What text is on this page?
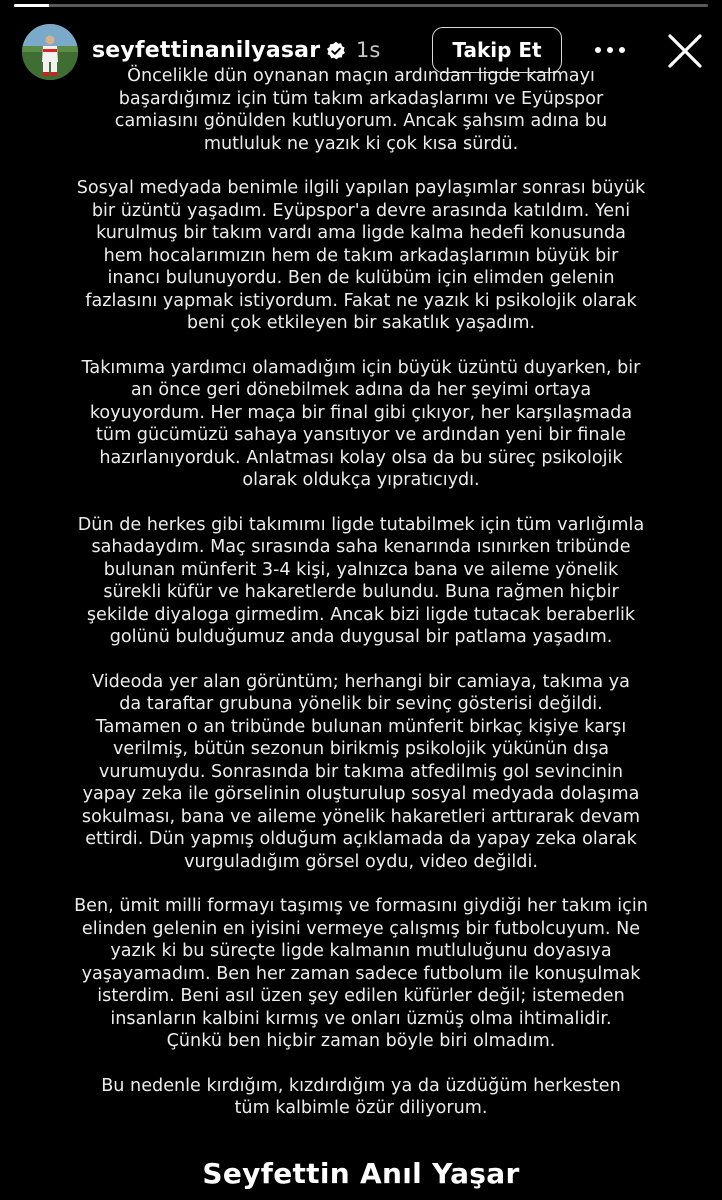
seyfettinanilyasar 1s	Takip Et

Öncelikle dün oynanan maçın ardından ligde kalmayı
başardığımız için tüm takım arkadaşlarımı ve Eyüpspor
camiasını gönülden kutluyorum. Ancak şahsım adına bu
mutluluk ne yazık ki çok kısa sürdü.

Sosyal medyada benimle ilgili yapılan paylaşımlar sonrası büyük
bir üzüntü yaşadım. Eyüpspor'a devre arasında katıldım. Yeni
kurulmuş bir takım vardı ama ligde kalma hedefi konusunda
hem hocalarımızın hem de takım arkadaşlarımın büyük bir
inancı bulunuyordu. Ben de kulübüm için elimden gelenin
fazlasını yapmak istiyordum. Fakat ne yazık ki psikolojik olarak
beni çok etkileyen bir sakatlık yaşadım.

Takımıma yardımcı olamadığım için büyük üzüntü duyarken, bir
an önce geri dönebilmek adına da her şeyimi ortaya
koyuyordum. Her maça bir final gibi çıkıyor, her karşılaşmada
tüm gücümüzü sahaya yansıtıyor ve ardından yeni bir finale
hazırlanıyorduk. Anlatması kolay olsa da bu süreç psikolojik
olarak oldukça yıpratıcıydı.

Dün de herkes gibi takımımı ligde tutabilmek için tüm varlığımla
sahadaydım. Maç sırasında saha kenarında ısınırken tribünde
bulunan münferit 3-4 kişi, yalnızca bana ve aileme yönelik
sürekli küfür ve hakaretlerde bulundu. Buna rağmen hiçbir
şekilde diyaloga girmedim. Ancak bizi ligde tutacak beraberlik
golünü bulduğumuz anda duygusal bir patlama yaşadım.

Videoda yer alan görüntüm; herhangi bir camiaya, takıma ya
da taraftar grubuna yönelik bir sevinç gösterisi değildi.
Tamamen o an tribünde bulunan münferit birkaç kişiye karşı
verilmiş, bütün sezonun birikmiş psikolojik yükünün dışa
vurumuydu. Sonrasında bir takıma atfedilmiş gol sevincinin
yapay zeka ile görselinin oluşturulup sosyal medyada dolaşıma
sokulması, bana ve aileme yönelik hakaretleri arttırarak devam
ettirdi. Dün yapmış olduğum açıklamada da yapay zeka olarak
vurguladığım görsel oydu, video değildi.

Ben, ümit milli formayı taşımış ve formasını giydiği her takım için
elinden gelenin en iyisini vermeye çalışmış bir futbolcuyum. Ne
yazık ki bu süreçte ligde kalmanın mutluluğunu doyasıya
yaşayamadım. Ben her zaman sadece futbolum ile konuşulmak
isterdim. Beni asıl üzen şey edilen küfürler değil; istemeden
insanların kalbini kırmış ve onları üzmüş olma ihtimalidir.
Çünkü ben hiçbir zaman böyle biri olmadım.

Bu nedenle kırdığım, kızdırdığım ya da üzdüğüm herkesten
tüm kalbimle özür diliyorum.

Seyfettin Anıl Yaşar
